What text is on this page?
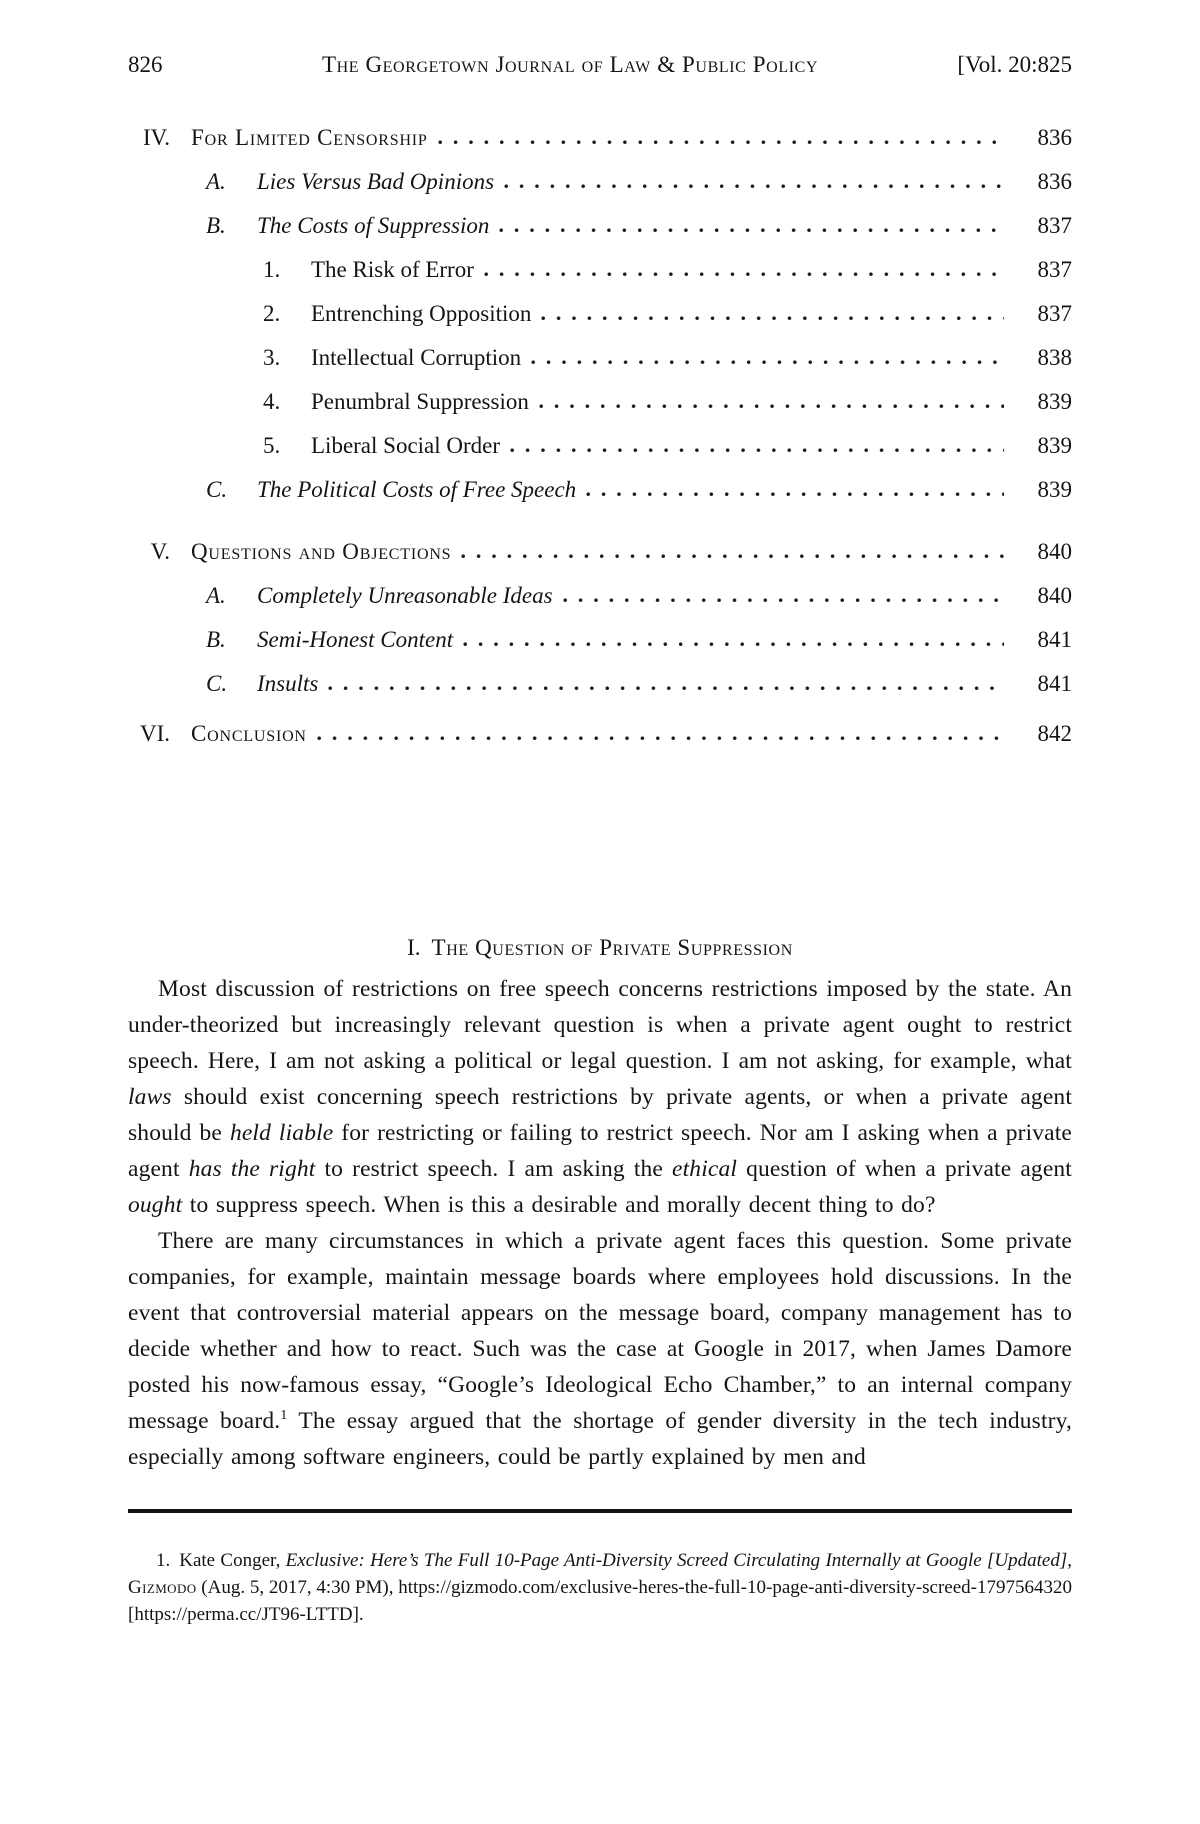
826	The Georgetown Journal of Law & Public Policy	[Vol. 20:825
IV. For Limited Censorship	836
A. Lies Versus Bad Opinions	836
B. The Costs of Suppression	837
1. The Risk of Error	837
2. Entrenching Opposition	837
3. Intellectual Corruption	838
4. Penumbral Suppression	839
5. Liberal Social Order	839
C. The Political Costs of Free Speech	839
V. Questions and Objections	840
A. Completely Unreasonable Ideas	840
B. Semi-Honest Content	841
C. Insults	841
VI. Conclusion	842
I. The Question of Private Suppression

Most discussion of restrictions on free speech concerns restrictions imposed by the state. An under-theorized but increasingly relevant question is when a private agent ought to restrict speech. Here, I am not asking a political or legal question. I am not asking, for example, what laws should exist concerning speech restrictions by private agents, or when a private agent should be held liable for restricting or failing to restrict speech. Nor am I asking when a private agent has the right to restrict speech. I am asking the ethical question of when a private agent ought to suppress speech. When is this a desirable and morally decent thing to do?

There are many circumstances in which a private agent faces this question. Some private companies, for example, maintain message boards where employees hold discussions. In the event that controversial material appears on the message board, company management has to decide whether and how to react. Such was the case at Google in 2017, when James Damore posted his now-famous essay, “Google’s Ideological Echo Chamber,” to an internal company message board.$^1$ The essay argued that the shortage of gender diversity in the tech industry, especially among software engineers, could be partly explained by men and

1. Kate Conger, Exclusive: Here’s The Full 10-Page Anti-Diversity Screed Circulating Internally at Google [Updated], Gizmodo (Aug. 5, 2017, 4:30 PM), https://gizmodo.com/exclusive-heres-the-full-10-page-anti-diversity-screed-1797564320 [https://perma.cc/JT96-LTTD].
